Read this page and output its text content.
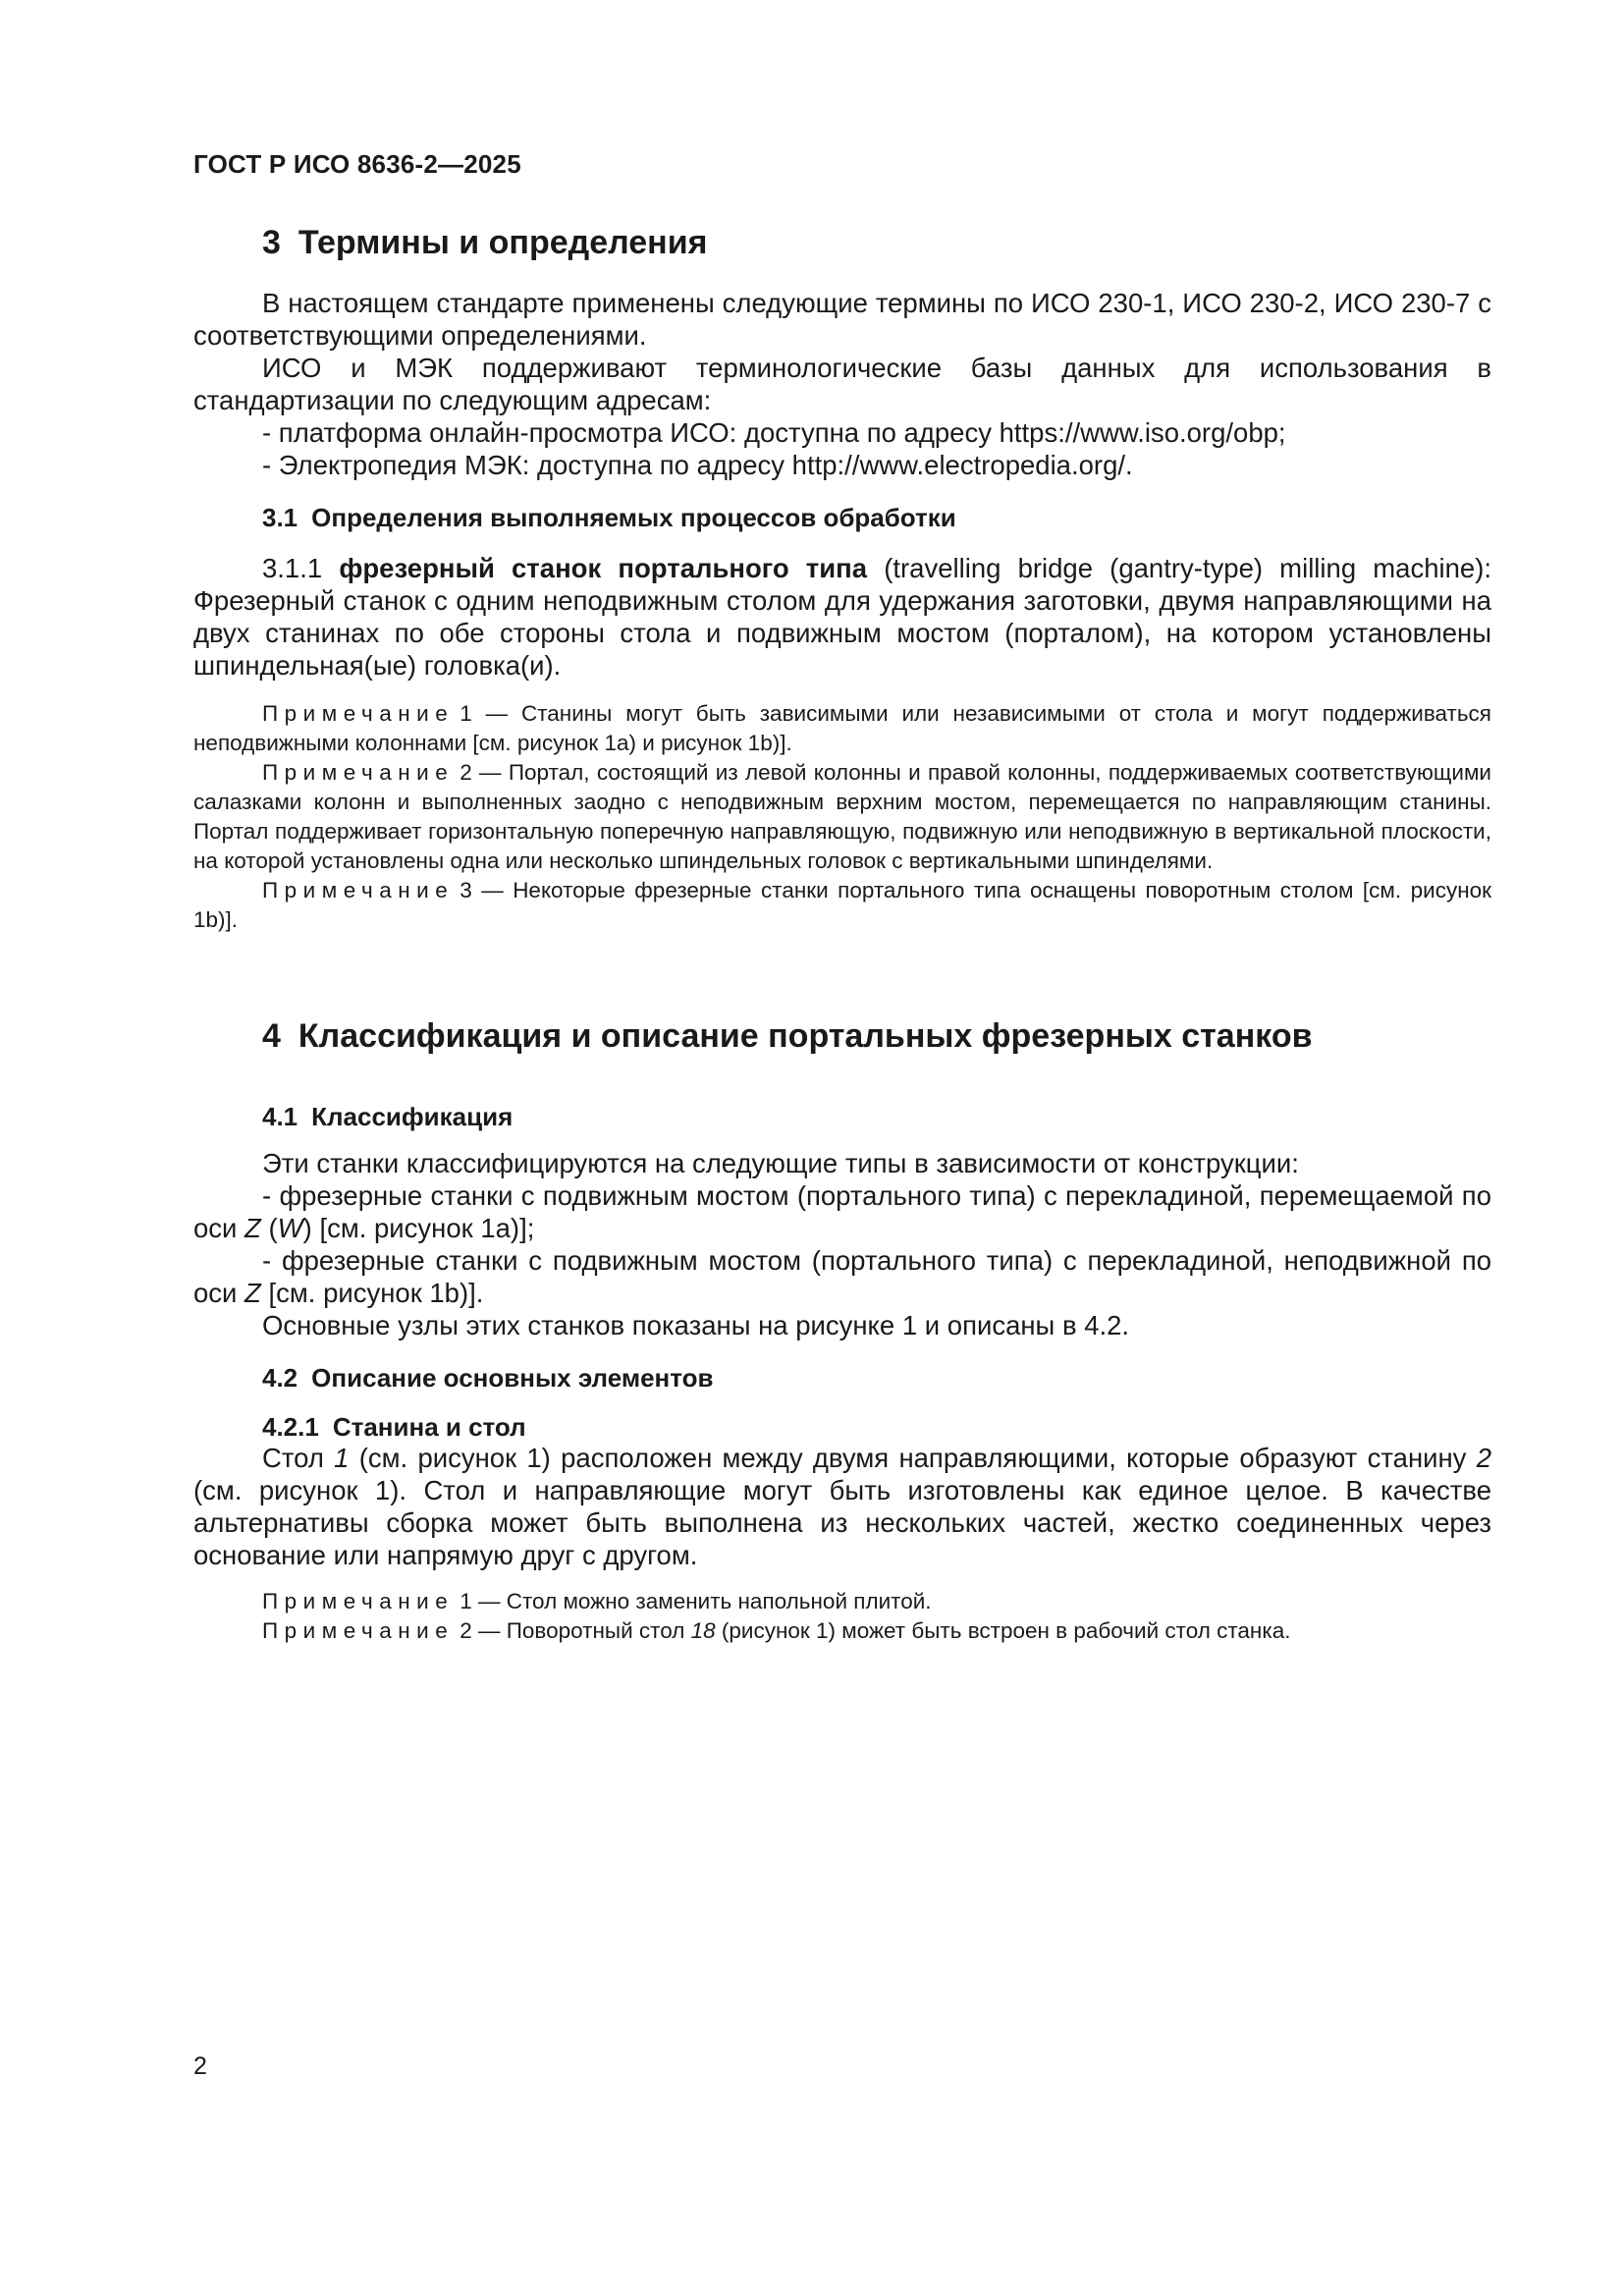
ГОСТ Р ИСО 8636-2—2025
3 Термины и определения

В настоящем стандарте применены следующие термины по ИСО 230-1, ИСО 230-2, ИСО 230-7 с соответствующими определениями.

ИСО и МЭК поддерживают терминологические базы данных для использования в стандартизации по следующим адресам:

- платформа онлайн-просмотра ИСО: доступна по адресу https://www.iso.org/obp;

- Электропедия МЭК: доступна по адресу http://www.electropedia.org/.

3.1 Определения выполняемых процессов обработки

3.1.1 фрезерный станок портального типа (travelling bridge (gantry-type) milling machine): Фрезерный станок с одним неподвижным столом для удержания заготовки, двумя направляющими на двух станинах по обе стороны стола и подвижным мостом (порталом), на котором установлены шпиндельная(ые) головка(и).

Примечание 1 — Станины могут быть зависимыми или независимыми от стола и могут поддерживаться неподвижными колоннами [см. рисунок 1a) и рисунок 1b)].

Примечание 2 — Портал, состоящий из левой колонны и правой колонны, поддерживаемых соответствующими салазками колонн и выполненных заодно с неподвижным верхним мостом, перемещается по направляющим станины. Портал поддерживает горизонтальную поперечную направляющую, подвижную или неподвижную в вертикальной плоскости, на которой установлены одна или несколько шпиндельных головок с вертикальными шпинделями.

Примечание 3 — Некоторые фрезерные станки портального типа оснащены поворотным столом [см. рисунок 1b)].

4 Классификация и описание портальных фрезерных станков
4.1 Классификация

Эти станки классифицируются на следующие типы в зависимости от конструкции:

- фрезерные станки с подвижным мостом (портального типа) с перекладиной, перемещаемой по оси Z (W) [см. рисунок 1a)];

- фрезерные станки с подвижным мостом (портального типа) с перекладиной, неподвижной по оси Z [см. рисунок 1b)].

Основные узлы этих станков показаны на рисунке 1 и описаны в 4.2.

4.2 Описание основных элементов
4.2.1 Станина и стол

Стол 1 (см. рисунок 1) расположен между двумя направляющими, которые образуют станину 2 (см. рисунок 1). Стол и направляющие могут быть изготовлены как единое целое. В качестве альтернативы сборка может быть выполнена из нескольких частей, жестко соединенных через основание или напрямую друг с другом.

Примечание 1 — Стол можно заменить напольной плитой.

Примечание 2 — Поворотный стол 18 (рисунок 1) может быть встроен в рабочий стол станка.

2
